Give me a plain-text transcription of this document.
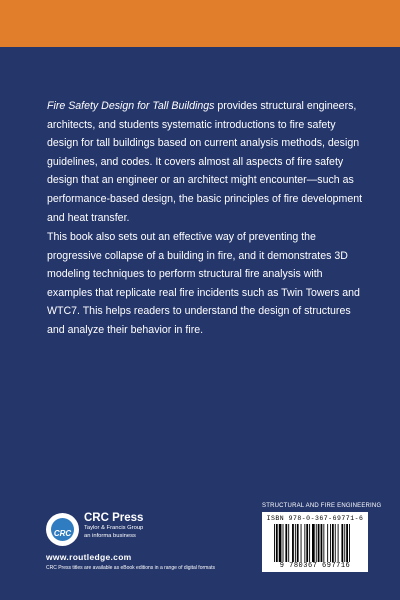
Fire Safety Design for Tall Buildings provides structural engineers, architects, and students systematic introductions to fire safety design for tall buildings based on current analysis methods, design guidelines, and codes. It covers almost all aspects of fire safety design that an engineer or an architect might encounter—such as performance-based design, the basic principles of fire development and heat transfer.

This book also sets out an effective way of preventing the progressive collapse of a building in fire, and it demonstrates 3D modeling techniques to perform structural fire analysis with examples that replicate real fire incidents such as Twin Towers and WTC7. This helps readers to understand the design of structures and analyze their behavior in fire.

CRC
CRC Press
Taylor & Francis Group
an informa business
www.routledge.com
CRC Press titles are available as eBook editions in a range of digital formats
STRUCTURAL AND FIRE ENGINEERING
ISBN 978-0-367-69771-6
9 780367 697716
